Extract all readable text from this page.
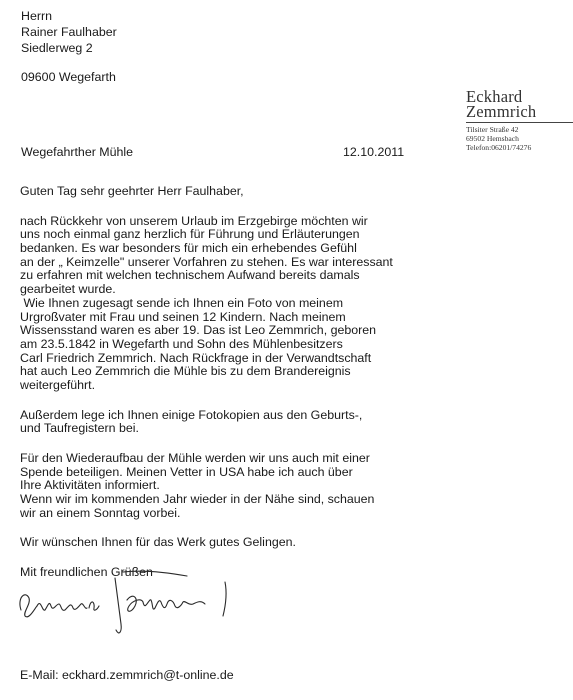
Herrn
Rainer Faulhaber
Siedlerweg 2
09600 Wegefarth
Eckhard
Zemmrich
Tilsiter Straße 42
69502 Hemsbach
Telefon:06201/74276
Wegefahrther Mühle	12.10.2011
Guten Tag sehr geehrter Herr Faulhaber,
nach Rückkehr von unserem Urlaub im Erzgebirge möchten wir
uns noch einmal ganz herzlich für Führung und Erläuterungen
bedanken. Es war besonders für mich ein erhebendes Gefühl
an der „ Keimzelle" unserer Vorfahren zu stehen. Es war interessant
zu erfahren mit welchen technischem Aufwand bereits damals
gearbeitet wurde.
Wie Ihnen zugesagt sende ich Ihnen ein Foto von meinem
Urgroßvater mit Frau und seinen 12 Kindern. Nach meinem
Wissensstand waren es aber 19. Das ist Leo Zemmrich, geboren
am 23.5.1842 in Wegefarth und Sohn des Mühlenbesitzers
Carl Friedrich Zemmrich. Nach Rückfrage in der Verwandtschaft
hat auch Leo Zemmrich die Mühle bis zu dem Brandereignis
weitergeführt.
Außerdem lege ich Ihnen einige Fotokopien aus den Geburts-,
und Taufregistern bei.
Für den Wiederaufbau der Mühle werden wir uns auch mit einer
Spende beteiligen. Meinen Vetter in USA habe ich auch über
Ihre Aktivitäten informiert.
Wenn wir im kommenden Jahr wieder in der Nähe sind, schauen
wir an einem Sonntag vorbei.
Wir wünschen Ihnen für das Werk gutes Gelingen.
Mit freundlichen Grüßen
E-Mail: eckhard.zemmrich@t-online.de
